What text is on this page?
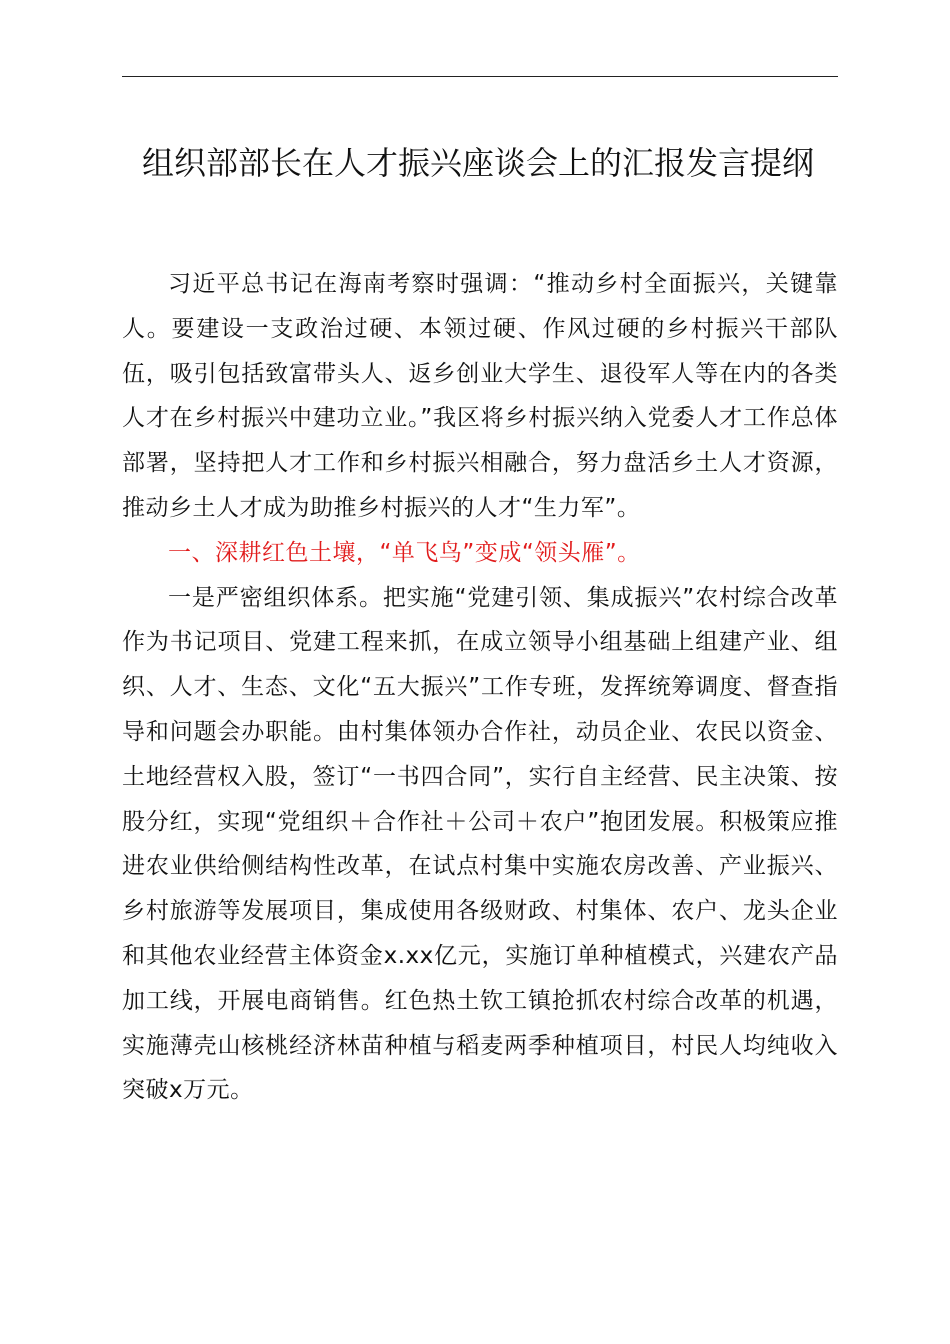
组织部部长在人才振兴座谈会上的汇报发言提纲

习近平总书记在海南考察时强调：“推动乡村全面振兴，关键靠人。要建设一支政治过硬、本领过硬、作风过硬的乡村振兴干部队伍，吸引包括致富带头人、返乡创业大学生、退役军人等在内的各类人才在乡村振兴中建功立业。”我区将乡村振兴纳入党委人才工作总体部署，坚持把人才工作和乡村振兴相融合，努力盘活乡土人才资源，推动乡土人才成为助推乡村振兴的人才“生力军”。

一、深耕红色土壤，“单飞鸟”变成“领头雁”。

一是严密组织体系。把实施“党建引领、集成振兴”农村综合改革作为书记项目、党建工程来抓，在成立领导小组基础上组建产业、组织、人才、生态、文化“五大振兴”工作专班，发挥统筹调度、督查指导和问题会办职能。由村集体领办合作社，动员企业、农民以资金、土地经营权入股，签订“一书四合同”，实行自主经营、民主决策、按股分红，实现“党组织＋合作社＋公司＋农户”抱团发展。积极策应推进农业供给侧结构性改革，在试点村集中实施农房改善、产业振兴、乡村旅游等发展项目，集成使用各级财政、村集体、农户、龙头企业和其他农业经营主体资金x.xx亿元，实施订单种植模式，兴建农产品加工线，开展电商销售。红色热土钦工镇抢抓农村综合改革的机遇，实施薄壳山核桃经济林苗种植与稻麦两季种植项目，村民人均纯收入突破x万元。
